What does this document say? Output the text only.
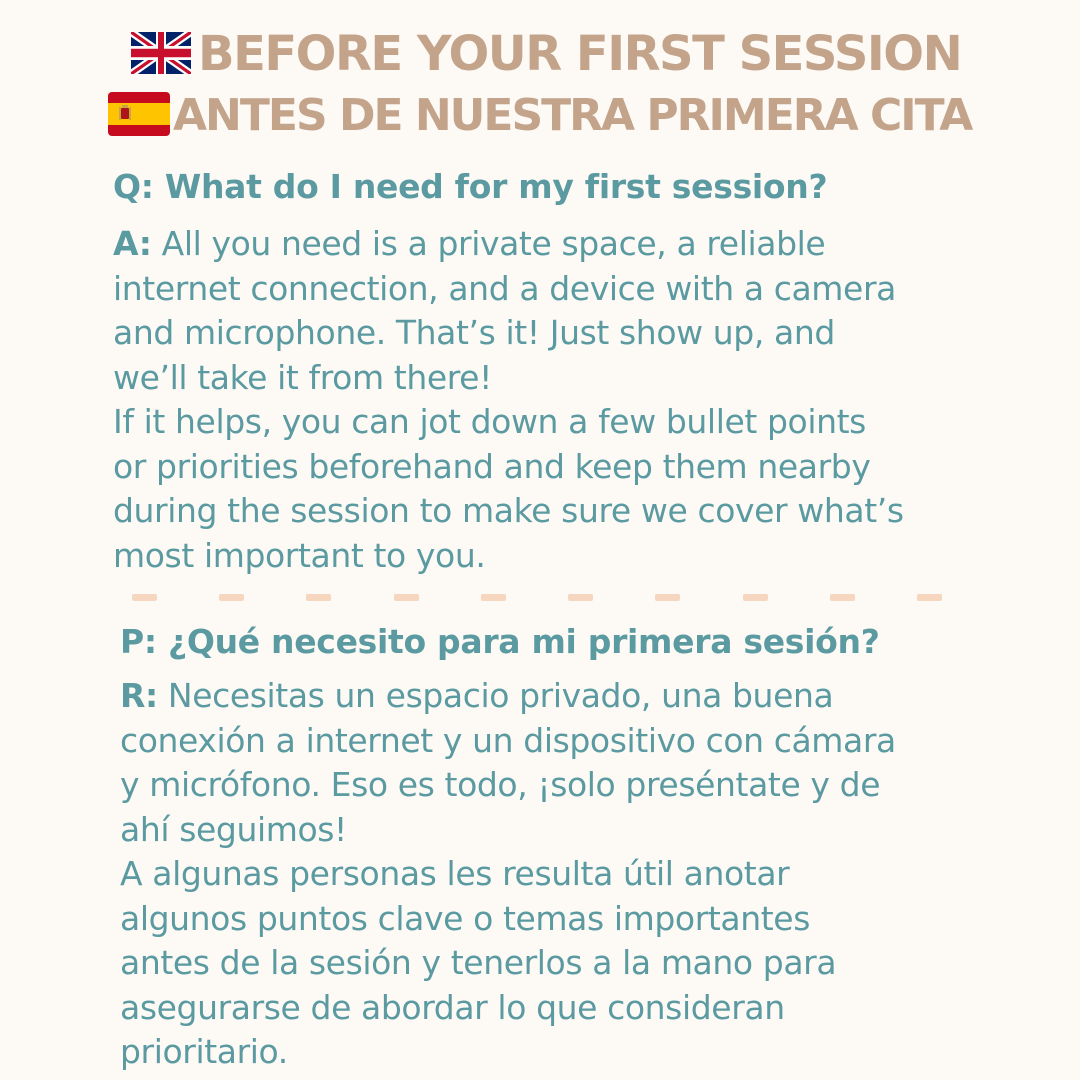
BEFORE YOUR FIRST SESSION
ANTES DE NUESTRA PRIMERA CITA
Q: What do I need for my first session?
A: All you need is a private space, a reliable
internet connection, and a device with a camera
and microphone. That’s it! Just show up, and
we’ll take it from there!
If it helps, you can jot down a few bullet points
or priorities beforehand and keep them nearby
during the session to make sure we cover what’s
most important to you.
P: ¿Qué necesito para mi primera sesión?
R: Necesitas un espacio privado, una buena
conexión a internet y un dispositivo con cámara
y micrófono. Eso es todo, ¡solo preséntate y de
ahí seguimos!
A algunas personas les resulta útil anotar
algunos puntos clave o temas importantes
antes de la sesión y tenerlos a la mano para
asegurarse de abordar lo que consideran
prioritario.
